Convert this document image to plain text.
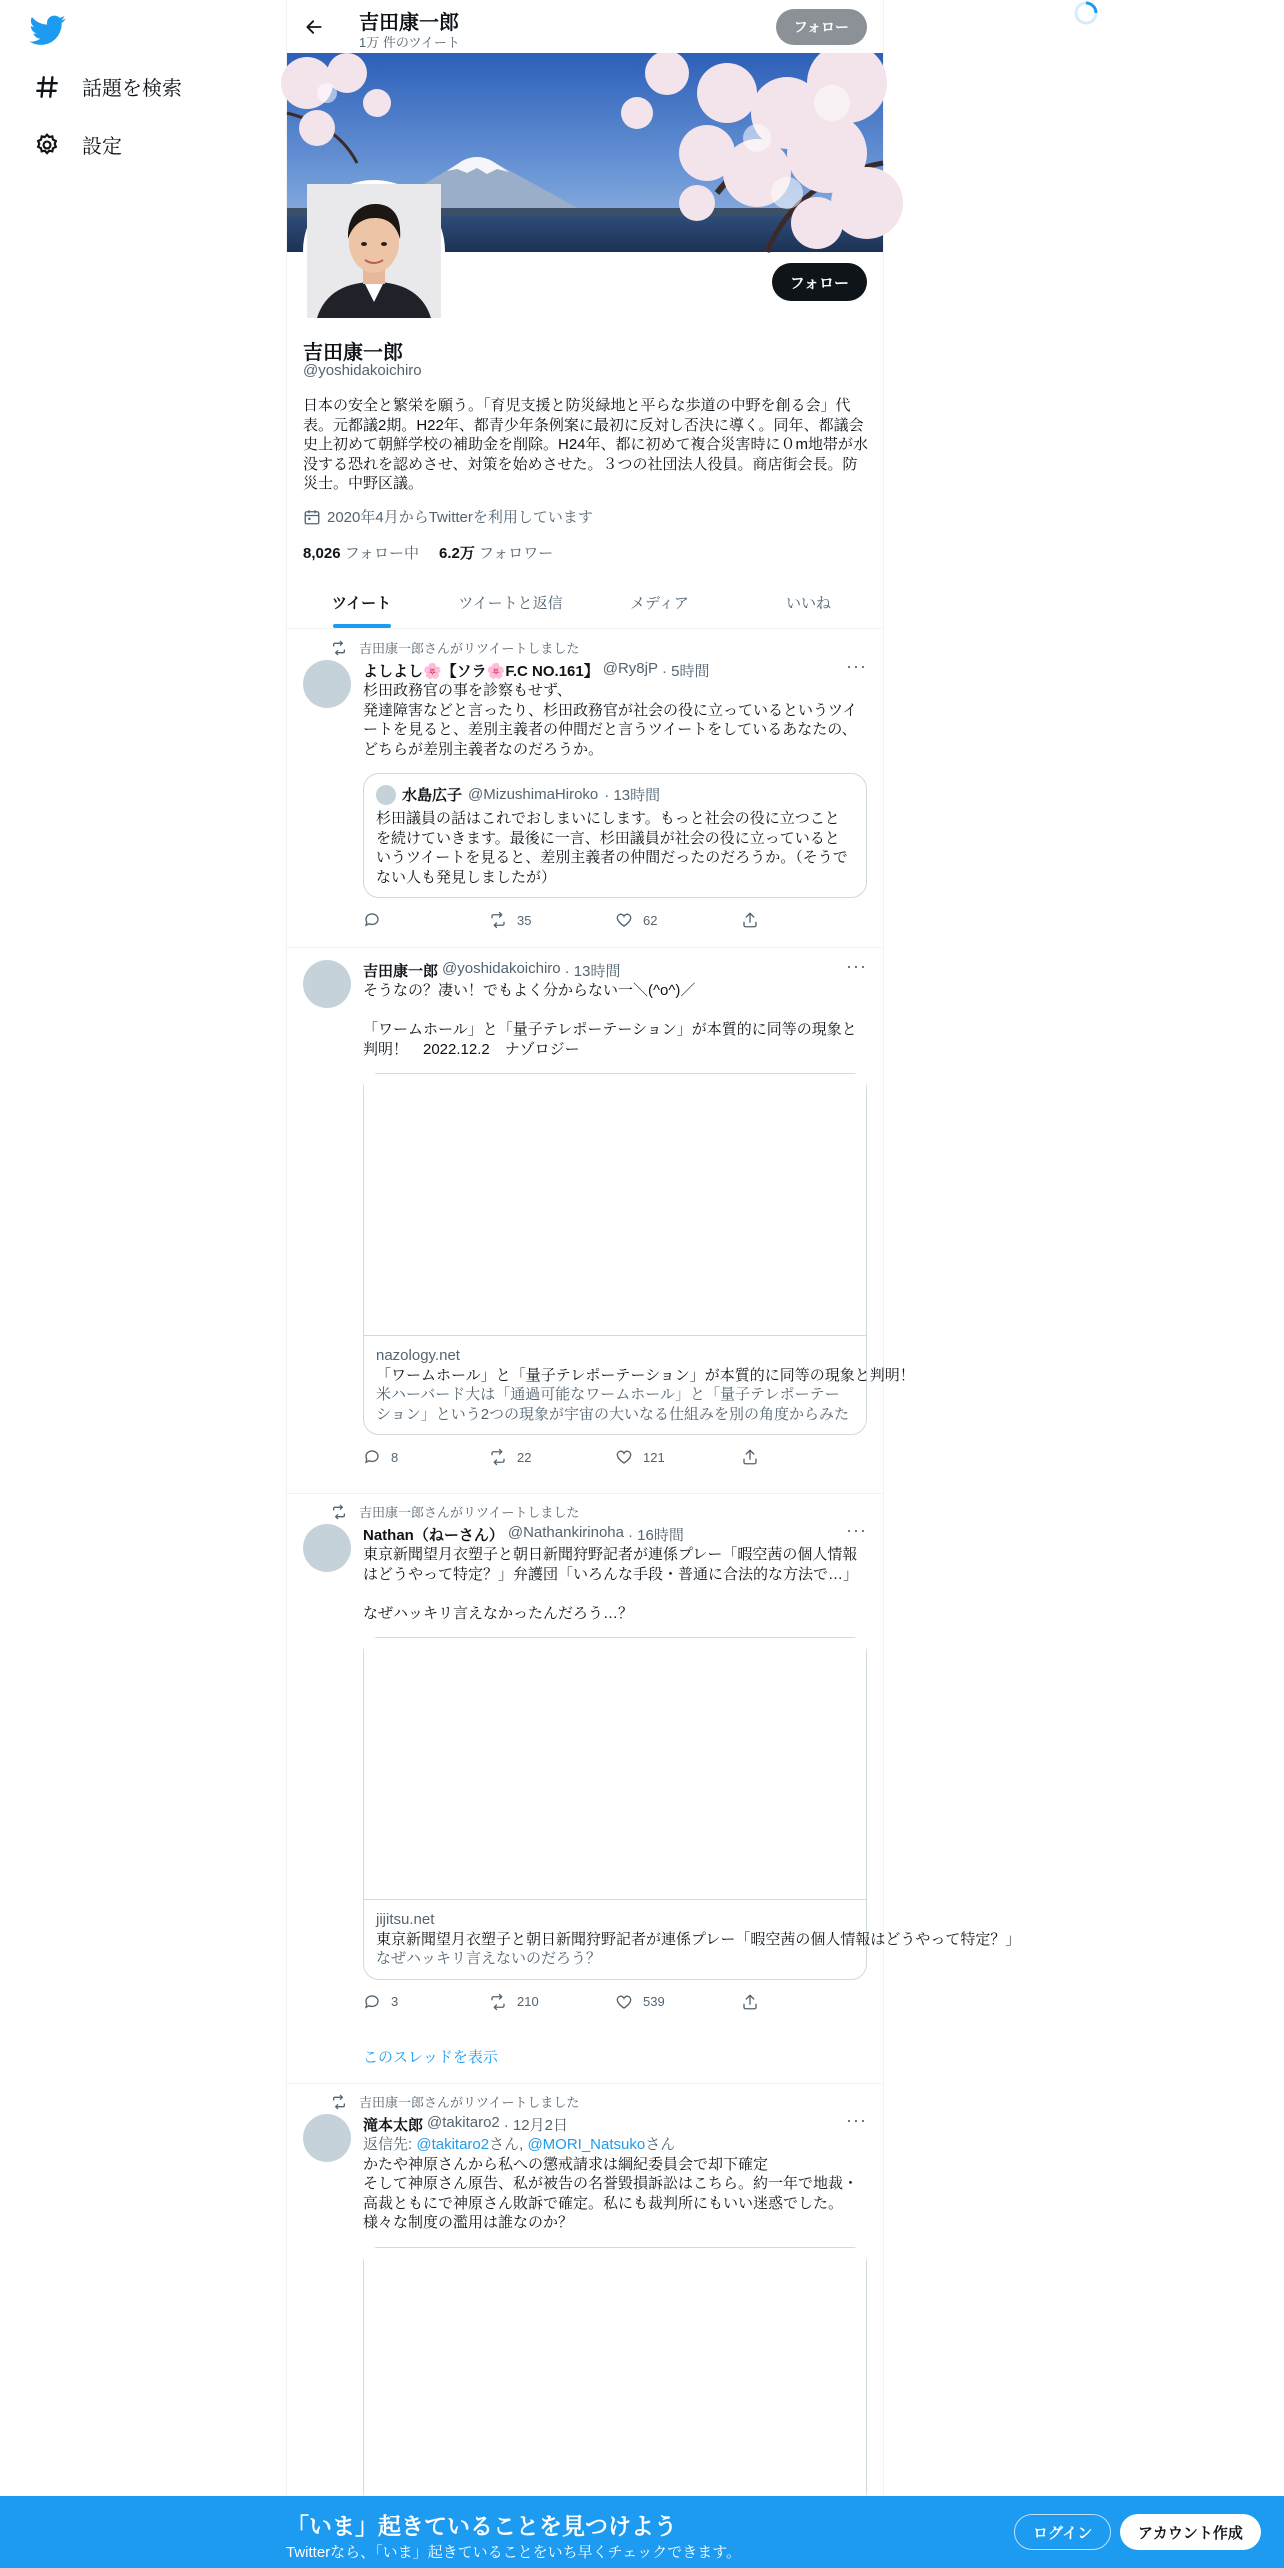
話題を検索
設定
吉田康一郎
1万 件のツイート
フォロー
フォロー
吉田康一郎
@yoshidakoichiro
日本の安全と繁栄を願う。「育児支援と防災緑地と平らな歩道の中野を創る会」代表。元都議2期。H22年、都青少年条例案に最初に反対し否決に導く。同年、都議会史上初めて朝鮮学校の補助金を削除。H24年、都に初めて複合災害時に０m地帯が水没する恐れを認めさせ、対策を始めさせた。３つの社団法人役員。商店街会長。防災士。中野区議。
2020年4月からTwitterを利用しています
8,026 フォロー中 6.2万 フォロワー
ツイート	ツイートと返信	メディア	いいね
吉田康一郎さんがリツイートしました
···
よしよし🌸【ソラ🌸F.C NO.161】 @Ry8jP · 5時間
杉田政務官の事を診察もせず、
発達障害などと言ったり、杉田政務官が社会の役に立っているというツイートを見ると、差別主義者の仲間だと言うツイートをしているあなたの、どちらが差別主義者なのだろうか。
水島広子 @MizushimaHiroko · 13時間
杉田議員の話はこれでおしまいにします。もっと社会の役に立つことを続けていきます。最後に一言、杉田議員が社会の役に立っているというツイートを見ると、差別主義者の仲間だったのだろうか。（そうでない人も発見しましたが）
35	62
···
吉田康一郎 @yoshidakoichiro · 13時間
そうなの？凄い！でもよく分からない一＼(^o^)／

「ワームホール」と「量子テレポーテーション」が本質的に同等の現象と判明！　2022.12.2　ナゾロジー
nazology.net
「ワームホール」と「量子テレポーテーション」が本質的に同等の現象と判明！
米ハーバード大は「通過可能なワームホール」と「量子テレポーテーション」という2つの現象が宇宙の大いなる仕組みを別の角度からみた
8	22	121
吉田康一郎さんがリツイートしました
···
Nathan（ねーさん） @Nathankirinoha · 16時間
東京新聞望月衣塑子と朝日新聞狩野記者が連係プレー「暇空茜の個人情報はどうやって特定？」弁護団「いろんな手段・普通に合法的な方法で…」

なぜハッキリ言えなかったんだろう…？
jijitsu.net
東京新聞望月衣塑子と朝日新聞狩野記者が連係プレー「暇空茜の個人情報はどうやって特定？」
なぜハッキリ言えないのだろう？
3	210	539
このスレッドを表示
吉田康一郎さんがリツイートしました
···
滝本太郎 @takitaro2 · 12月2日
返信先: @takitaro2さん, @MORI_Natsukoさん
かたや神原さんから私への懲戒請求は綱紀委員会で却下確定
そして神原さん原告、私が被告の名誉毀損訴訟はこちら。約一年で地裁・高裁ともにで神原さん敗訴で確定。私にも裁判所にもいい迷惑でした。
様々な制度の濫用は誰なのか？
「いま」起きていることを見つけよう
Twitterなら、「いま」起きていることをいち早くチェックできます。
ログイン	アカウント作成
